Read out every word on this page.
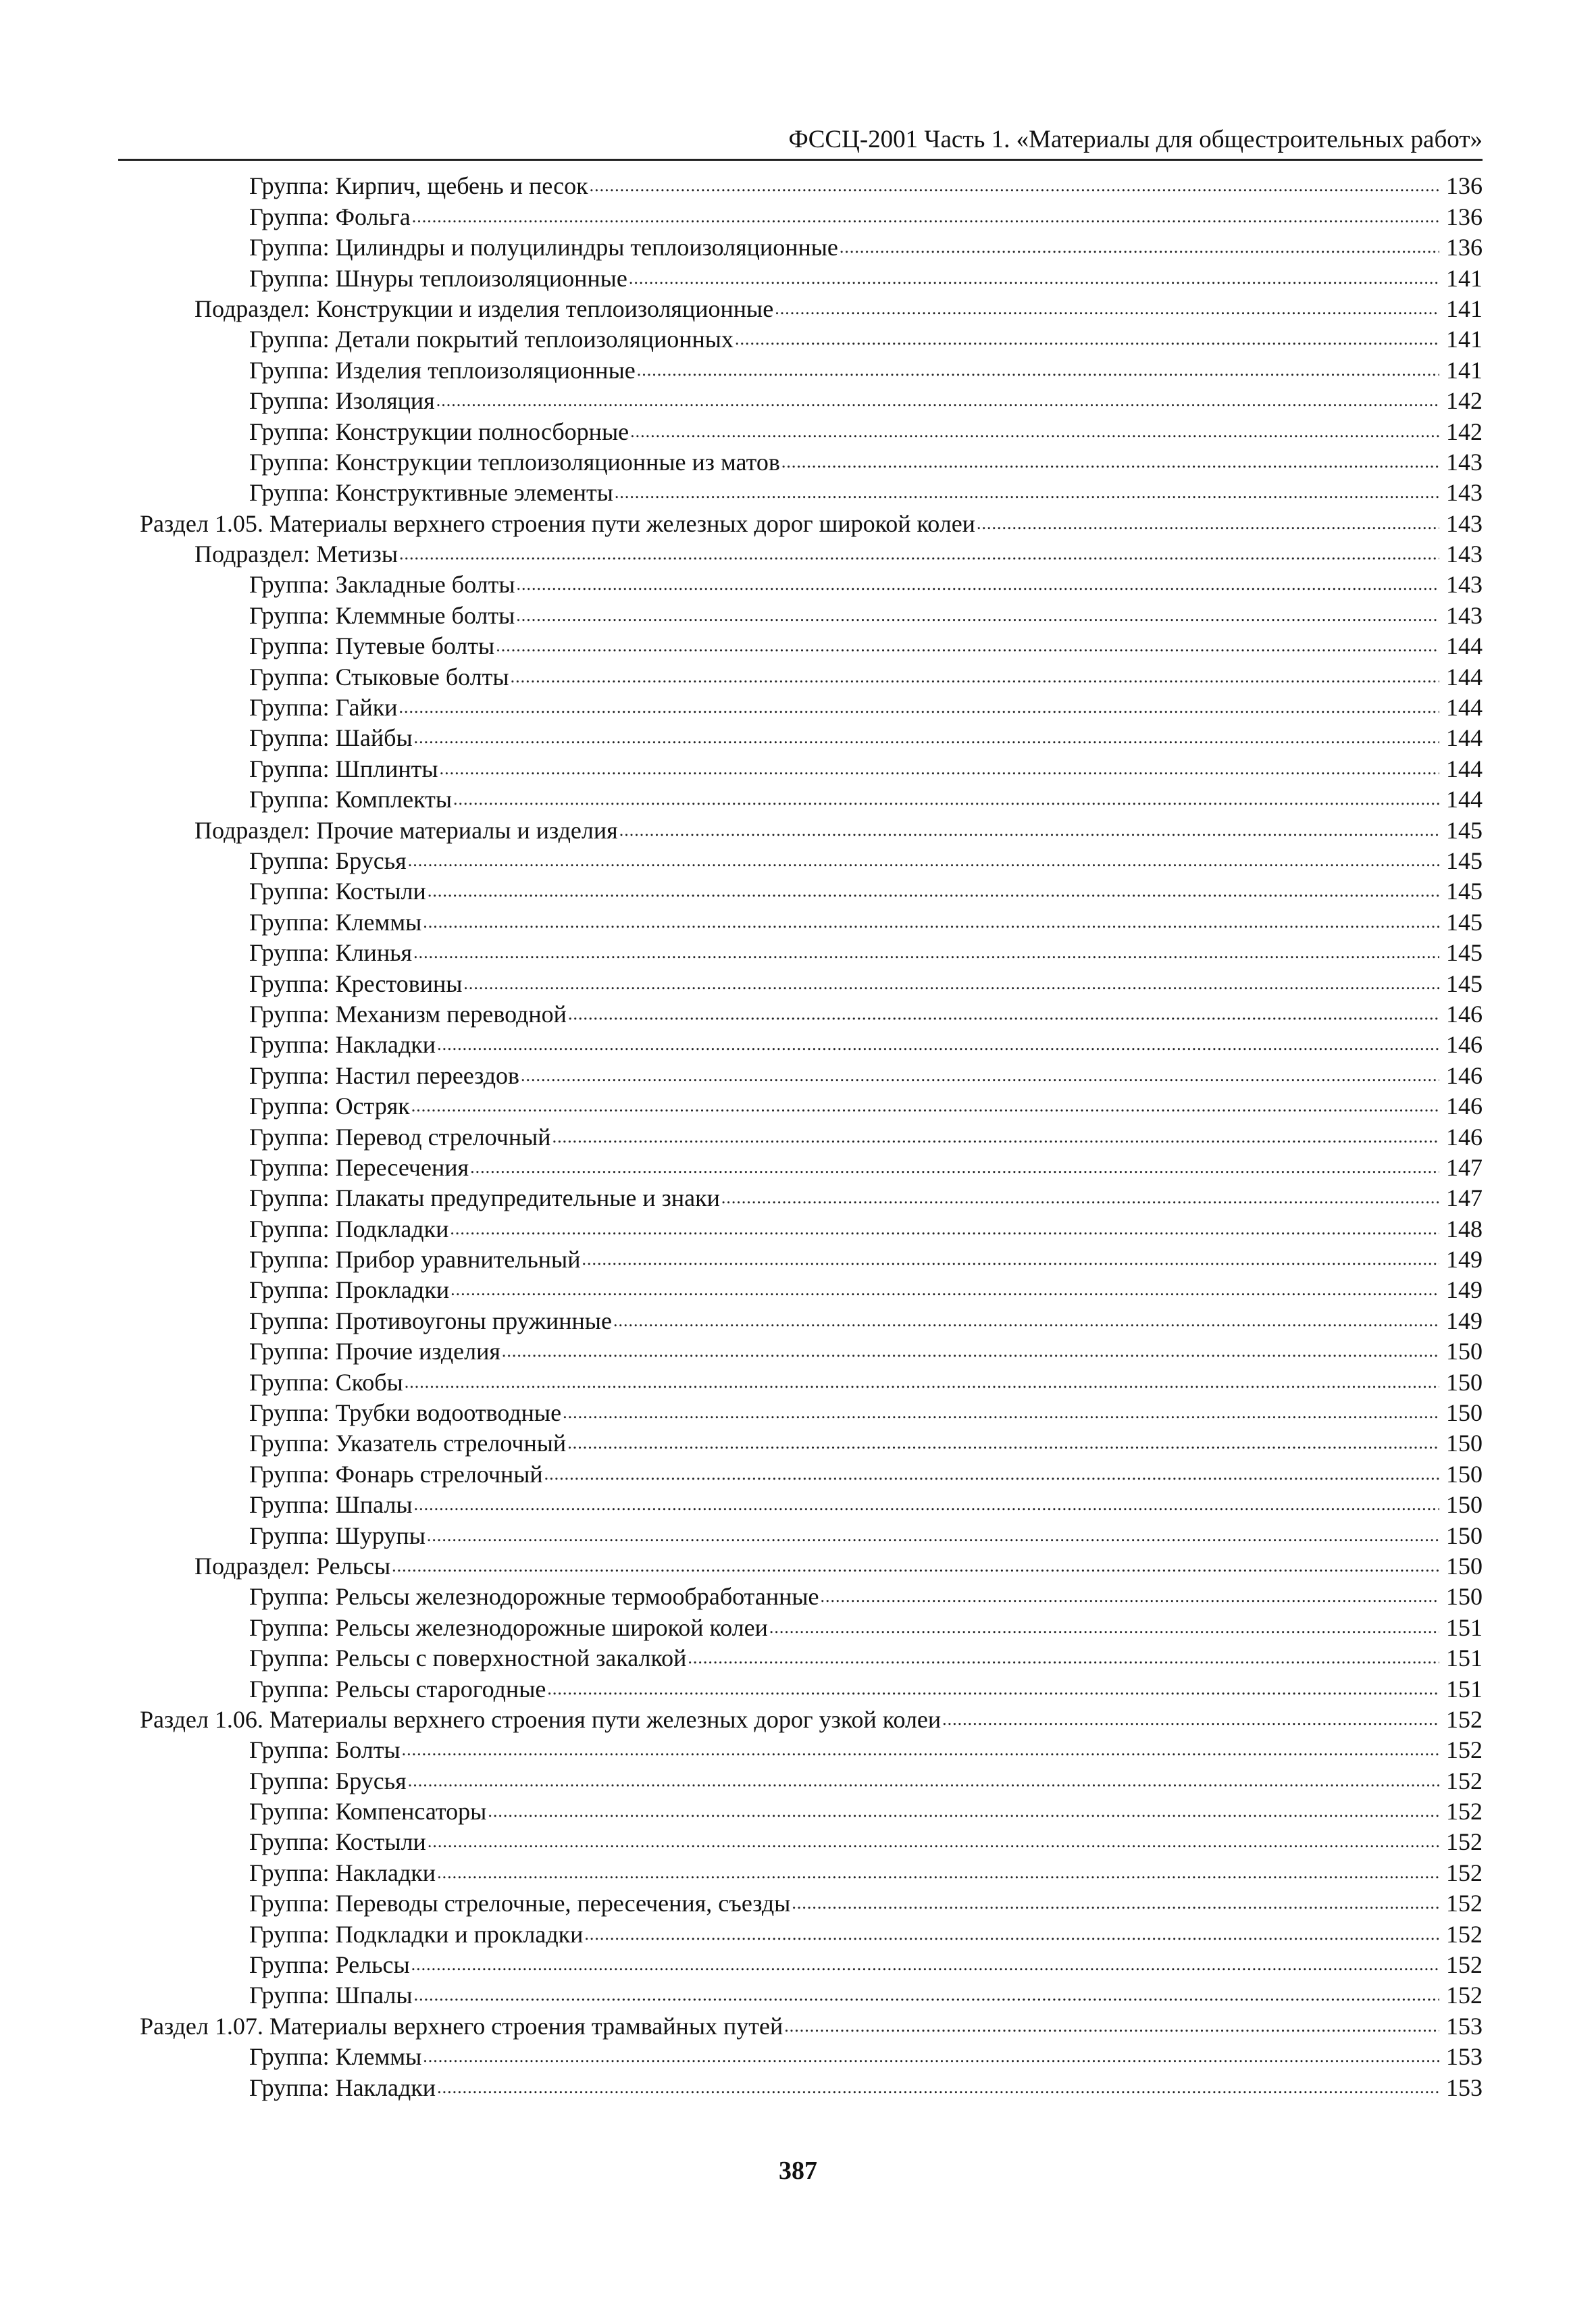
ФССЦ-2001 Часть 1. «Материалы для общестроительных работ»
Группа: Кирпич, щебень и песок .....	136
Группа: Фольга .....	136
Группа: Цилиндры и полуцилиндры теплоизоляционные .....	136
Группа: Шнуры теплоизоляционные .....	141
Подраздел: Конструкции и изделия теплоизоляционные .....	141
Группа: Детали покрытий теплоизоляционных .....	141
Группа: Изделия теплоизоляционные .....	141
Группа: Изоляция .....	142
Группа: Конструкции полносборные .....	142
Группа: Конструкции теплоизоляционные из матов .....	143
Группа: Конструктивные элементы .....	143
Раздел 1.05. Материалы верхнего строения пути железных дорог широкой колеи .....	143
Подраздел: Метизы .....	143
Группа: Закладные болты .....	143
Группа: Клеммные болты .....	143
Группа: Путевые болты .....	144
Группа: Стыковые болты .....	144
Группа: Гайки .....	144
Группа: Шайбы .....	144
Группа: Шплинты .....	144
Группа: Комплекты .....	144
Подраздел: Прочие материалы и изделия .....	145
Группа: Брусья .....	145
Группа: Костыли .....	145
Группа: Клеммы .....	145
Группа: Клинья .....	145
Группа: Крестовины .....	145
Группа: Механизм переводной .....	146
Группа: Накладки .....	146
Группа: Настил переездов .....	146
Группа: Остряк .....	146
Группа: Перевод стрелочный .....	146
Группа: Пересечения .....	147
Группа: Плакаты предупредительные и знаки .....	147
Группа: Подкладки .....	148
Группа: Прибор уравнительный .....	149
Группа: Прокладки .....	149
Группа: Противоугоны пружинные .....	149
Группа: Прочие изделия .....	150
Группа: Скобы .....	150
Группа: Трубки водоотводные .....	150
Группа: Указатель стрелочный .....	150
Группа: Фонарь стрелочный .....	150
Группа: Шпалы .....	150
Группа: Шурупы .....	150
Подраздел: Рельсы .....	150
Группа: Рельсы железнодорожные термообработанные .....	150
Группа: Рельсы железнодорожные широкой колеи .....	151
Группа: Рельсы с поверхностной закалкой .....	151
Группа: Рельсы старогодные .....	151
Раздел 1.06. Материалы верхнего строения пути железных дорог узкой колеи .....	152
Группа: Болты .....	152
Группа: Брусья .....	152
Группа: Компенсаторы .....	152
Группа: Костыли .....	152
Группа: Накладки .....	152
Группа: Переводы стрелочные, пересечения, съезды .....	152
Группа: Подкладки и прокладки .....	152
Группа: Рельсы .....	152
Группа: Шпалы .....	152
Раздел 1.07. Материалы верхнего строения трамвайных путей .....	153
Группа: Клеммы .....	153
Группа: Накладки .....	153
387
